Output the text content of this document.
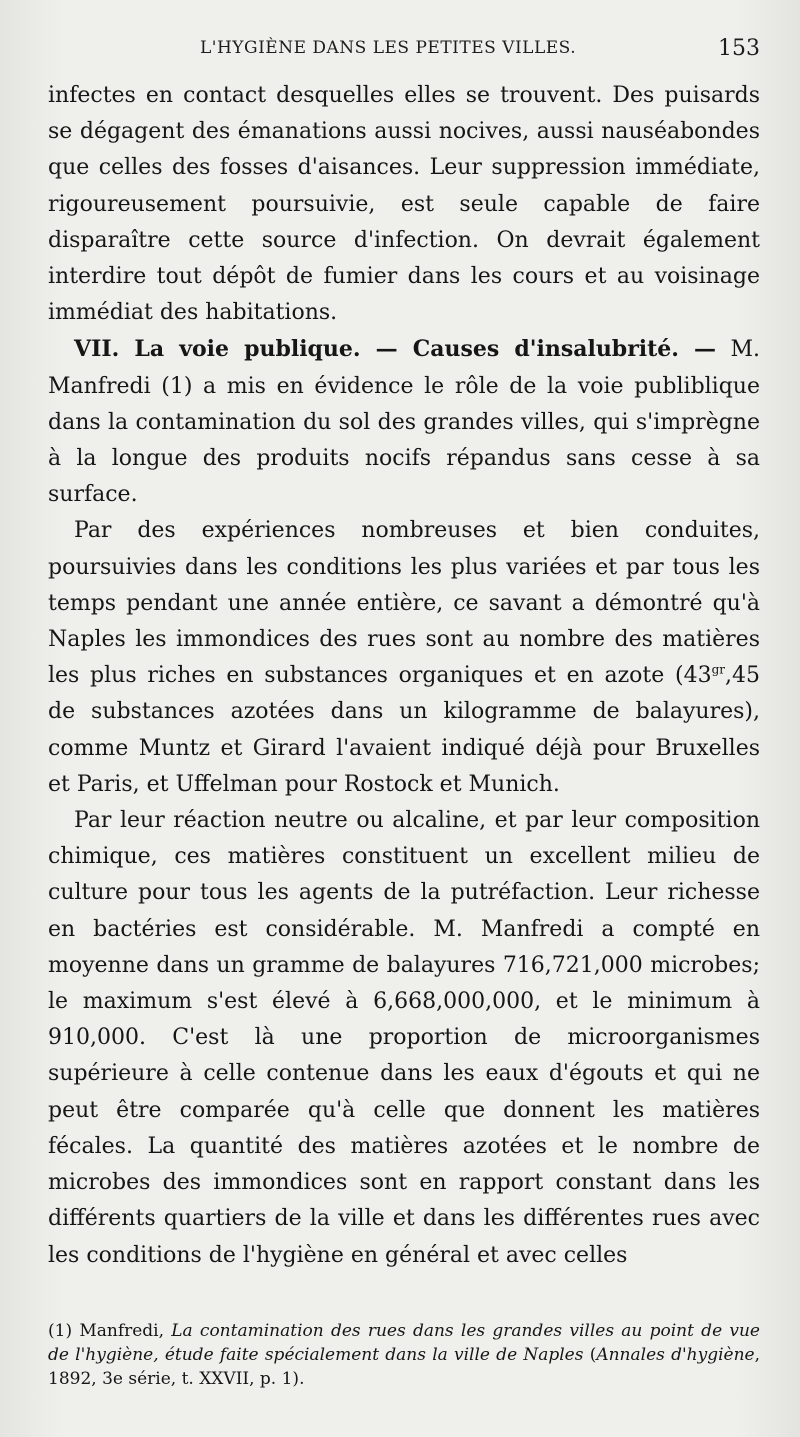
L'HYGIÈNE DANS LES PETITES VILLES.	153

infectes en contact desquelles elles se trouvent. Des puisards se dégagent des émanations aussi nocives, aussi nauséabondes que celles des fosses d'aisances. Leur suppression immédiate, rigoureusement poursuivie, est seule capable de faire disparaître cette source d'infection. On devrait également interdire tout dépôt de fumier dans les cours et au voisinage immédiat des habitations.

VII. La voie publique. — Causes d'insalubrité. — M. Manfredi (1) a mis en évidence le rôle de la voie publiblique dans la contamination du sol des grandes villes, qui s'imprègne à la longue des produits nocifs répandus sans cesse à sa surface.

Par des expériences nombreuses et bien conduites, poursuivies dans les conditions les plus variées et par tous les temps pendant une année entière, ce savant a démontré qu'à Naples les immondices des rues sont au nombre des matières les plus riches en substances organiques et en azote ($43^{gr},45$ de substances azotées dans un kilogramme de balayures), comme Muntz et Girard l'avaient indiqué déjà pour Bruxelles et Paris, et Uffelman pour Rostock et Munich.

Par leur réaction neutre ou alcaline, et par leur composition chimique, ces matières constituent un excellent milieu de culture pour tous les agents de la putréfaction. Leur richesse en bactéries est considérable. M. Manfredi a compté en moyenne dans un gramme de balayures 716,721,000 microbes; le maximum s'est élevé à 6,668,000,000, et le minimum à 910,000. C'est là une proportion de microorganismes supérieure à celle contenue dans les eaux d'égouts et qui ne peut être comparée qu'à celle que donnent les matières fécales. La quantité des matières azotées et le nombre de microbes des immondices sont en rapport constant dans les différents quartiers de la ville et dans les différentes rues avec les conditions de l'hygiène en général et avec celles

(1) Manfredi, La contamination des rues dans les grandes villes au point de vue de l'hygiène, étude faite spécialement dans la ville de Naples (Annales d'hygiène, 1892, 3e série, t. XXVII, p. 1).
